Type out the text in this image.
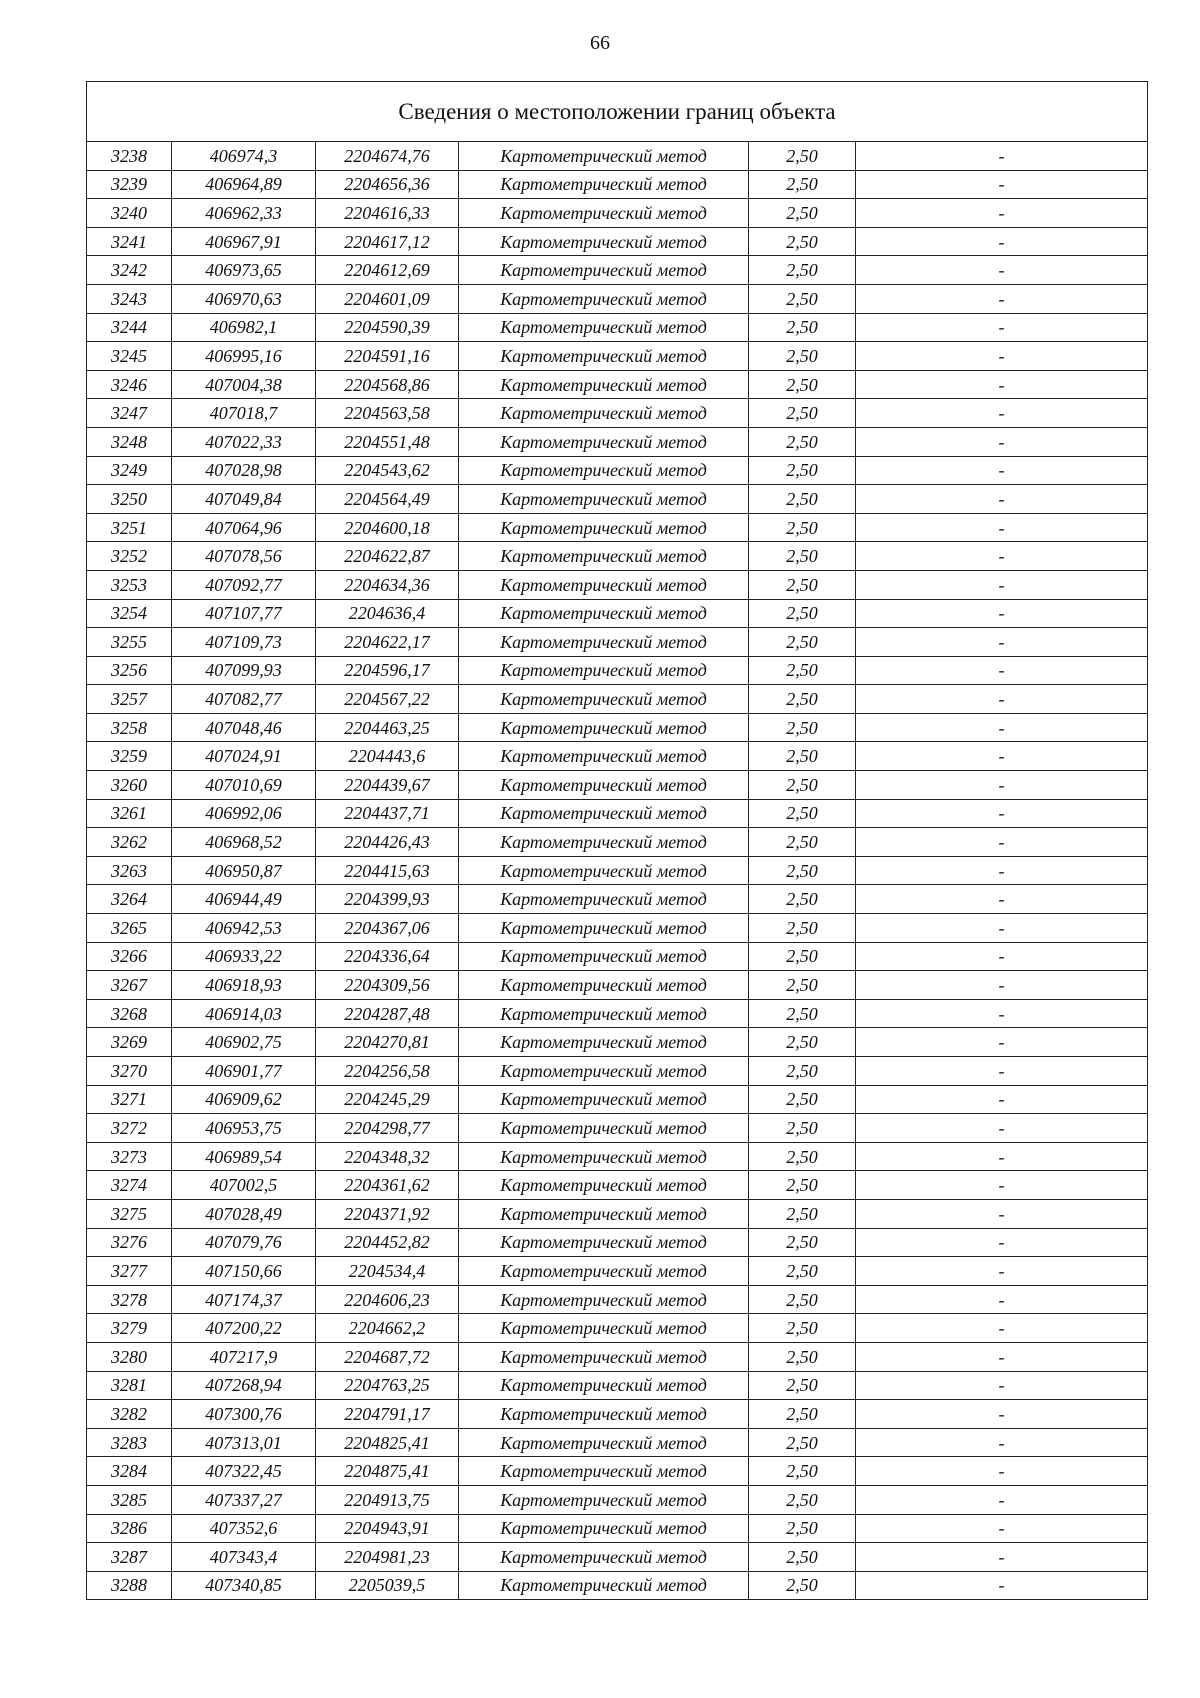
66
Сведения о местоположении границ объекта					
3238	406974,3	2204674,76	Картометрический метод	2,50	-
3239	406964,89	2204656,36	Картометрический метод	2,50	-
3240	406962,33	2204616,33	Картометрический метод	2,50	-
3241	406967,91	2204617,12	Картометрический метод	2,50	-
3242	406973,65	2204612,69	Картометрический метод	2,50	-
3243	406970,63	2204601,09	Картометрический метод	2,50	-
3244	406982,1	2204590,39	Картометрический метод	2,50	-
3245	406995,16	2204591,16	Картометрический метод	2,50	-
3246	407004,38	2204568,86	Картометрический метод	2,50	-
3247	407018,7	2204563,58	Картометрический метод	2,50	-
3248	407022,33	2204551,48	Картометрический метод	2,50	-
3249	407028,98	2204543,62	Картометрический метод	2,50	-
3250	407049,84	2204564,49	Картометрический метод	2,50	-
3251	407064,96	2204600,18	Картометрический метод	2,50	-
3252	407078,56	2204622,87	Картометрический метод	2,50	-
3253	407092,77	2204634,36	Картометрический метод	2,50	-
3254	407107,77	2204636,4	Картометрический метод	2,50	-
3255	407109,73	2204622,17	Картометрический метод	2,50	-
3256	407099,93	2204596,17	Картометрический метод	2,50	-
3257	407082,77	2204567,22	Картометрический метод	2,50	-
3258	407048,46	2204463,25	Картометрический метод	2,50	-
3259	407024,91	2204443,6	Картометрический метод	2,50	-
3260	407010,69	2204439,67	Картометрический метод	2,50	-
3261	406992,06	2204437,71	Картометрический метод	2,50	-
3262	406968,52	2204426,43	Картометрический метод	2,50	-
3263	406950,87	2204415,63	Картометрический метод	2,50	-
3264	406944,49	2204399,93	Картометрический метод	2,50	-
3265	406942,53	2204367,06	Картометрический метод	2,50	-
3266	406933,22	2204336,64	Картометрический метод	2,50	-
3267	406918,93	2204309,56	Картометрический метод	2,50	-
3268	406914,03	2204287,48	Картометрический метод	2,50	-
3269	406902,75	2204270,81	Картометрический метод	2,50	-
3270	406901,77	2204256,58	Картометрический метод	2,50	-
3271	406909,62	2204245,29	Картометрический метод	2,50	-
3272	406953,75	2204298,77	Картометрический метод	2,50	-
3273	406989,54	2204348,32	Картометрический метод	2,50	-
3274	407002,5	2204361,62	Картометрический метод	2,50	-
3275	407028,49	2204371,92	Картометрический метод	2,50	-
3276	407079,76	2204452,82	Картометрический метод	2,50	-
3277	407150,66	2204534,4	Картометрический метод	2,50	-
3278	407174,37	2204606,23	Картометрический метод	2,50	-
3279	407200,22	2204662,2	Картометрический метод	2,50	-
3280	407217,9	2204687,72	Картометрический метод	2,50	-
3281	407268,94	2204763,25	Картометрический метод	2,50	-
3282	407300,76	2204791,17	Картометрический метод	2,50	-
3283	407313,01	2204825,41	Картометрический метод	2,50	-
3284	407322,45	2204875,41	Картометрический метод	2,50	-
3285	407337,27	2204913,75	Картометрический метод	2,50	-
3286	407352,6	2204943,91	Картометрический метод	2,50	-
3287	407343,4	2204981,23	Картометрический метод	2,50	-
3288	407340,85	2205039,5	Картометрический метод	2,50	-
